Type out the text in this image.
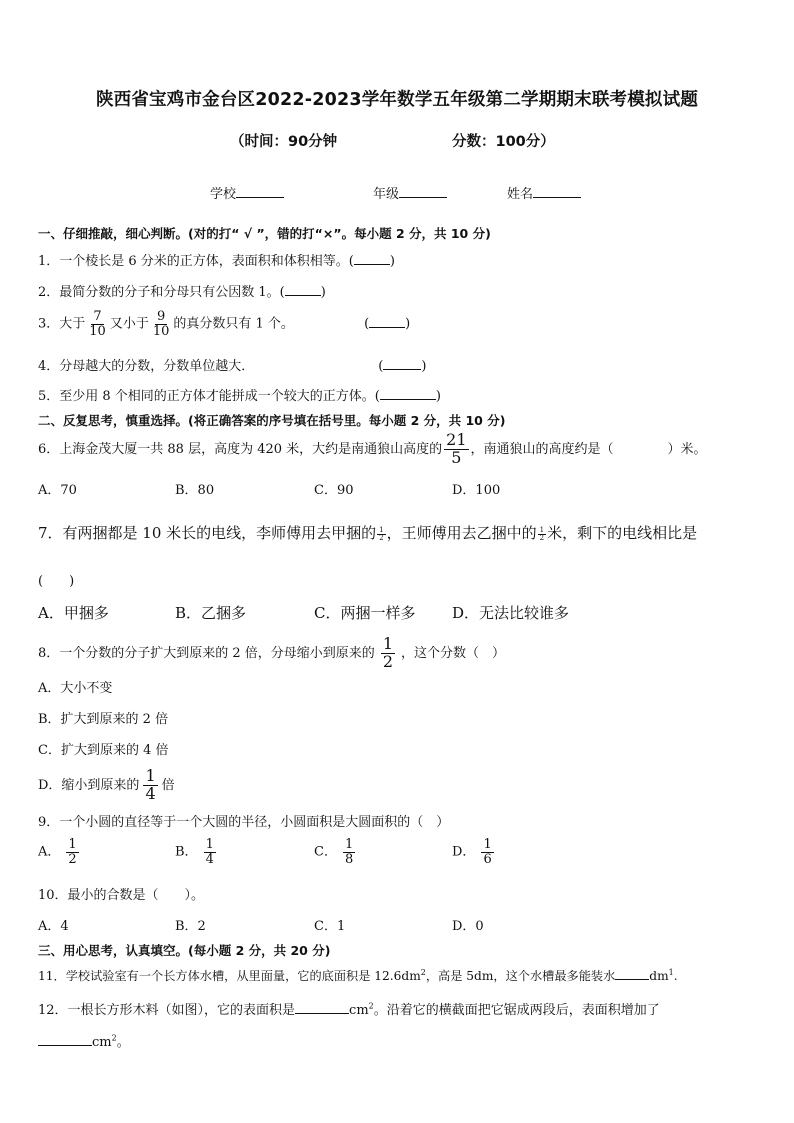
陕西省宝鸡市金台区2022-2023学年数学五年级第二学期期末联考模拟试题
（时间：90分钟	分数：100分）
学校	年级	姓名
一、仔细推敲，细心判断。(对的打“ √ ”，错的打“×”。每小题 2 分，共 10 分)
1．一个棱长是 6 分米的正方体，表面积和体积相等。(	)
2．最简分数的分子和分母只有公因数 1。(	)
3．大于 $\frac{7}{10}$ 又小于 $\frac{9}{10}$ 的真分数只有 1 个。	(	)
4．分母越大的分数，分数单位越大．	(	)
5．至少用 8 个相同的正方体才能拼成一个较大的正方体。(	)
二、反复思考，慎重选择。(将正确答案的序号填在括号里。每小题 2 分，共 10 分)
6．上海金茂大厦一共 88 层，高度为 420 米，大约是南通狼山高度的 $\frac{21}{5}$ ，南通狼山的高度约是（	）米。
A．70	B．80	C．90	D．100
7．有两捆都是 10 米长的电线，李师傅用去甲捆的 $\frac{1}{2}$ ，王师傅用去乙捆中的 $\frac{1}{2}$ 米，剩下的电线相比是
(　　)
A．甲捆多	B．乙捆多	C．两捆一样多 D．无法比较谁多
8．一个分数的分子扩大到原来的 2 倍，分母缩小到原来的 $\frac{1}{2}$ ，这个分数（　）
A．大小不变
B．扩大到原来的 2 倍
C．扩大到原来的 4 倍
D．缩小到原来的 $\frac{1}{4}$ 倍
9．一个小圆的直径等于一个大圆的半径，小圆面积是大圆面积的（　）
A． $\frac{1}{2}$	B． $\frac{1}{4}$	C． $\frac{1}{8}$	D． $\frac{1}{6}$
10．最小的合数是（　　）。
A．4	B．2	C．1	D．0
三、用心思考，认真填空。(每小题 2 分，共 20 分)
11．学校试验室有一个长方体水槽，从里面量，它的底面积是 $12.6dm^2$，高是 5dm，这个水槽最多能装水	$dm^1$.
12．一根长方形木料（如图），它的表面积是	$cm^2$。沿着它的横截面把它锯成两段后，表面积增加了
$cm^2$。
